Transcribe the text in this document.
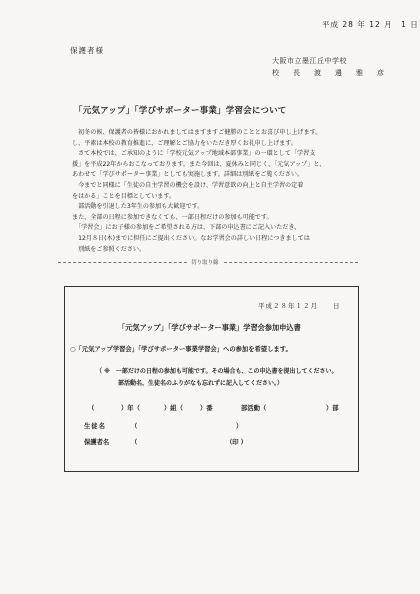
平成 28 年 12 月　1 日
保護者様
大阪市立墨江丘中学校
校　長　渡　邊　雅　彦
「元気アップ」「学びサポーター事業」学習会について

　初冬の候、保護者の皆様におかれましてはますますご健勝のこととお喜び申し上げます。

し、平素は本校の教育推進に、ご理解とご協力をいただき厚くお礼申し上げます。

　さて本校では、ご承知のように「学校元気アップ地域本部事業」の一環として「学習支

援」を平成22年からおこなっております。また今回は、夏休みと同じく、「元気アップ」と、

あわせて「学びサポーター事業」としても実施します。詳細は別紙をご覧ください。

　今までと同様に「生徒の自主学習の機会を設け、学習意欲の向上と自主学習の定着

をはかる」ことを目標としています。

　部活動を引退した3年生の参加も大歓迎です。

また、全部の日程に参加できなくても、一部日程だけの参加も可能です。

　「学習会」にお子様の参加をご希望される方は、下部の申込書にご記入いただき、

　12月８日(木)までに担任にご提出ください。なお学習会の詳しい日程につきましては

　別紙をご参照ください。

切り取り線
平成２８年１２月　　日
「元気アップ」「学びサポーター事業」学習会参加申込書
○「元気アップ学習会」「学びサポーター事業学習会」への参加を希望します。
（ ※　一部だけの日程の参加も可能です。その場合も、この申込書を提出してください。
部活動名、生徒名のふりがなも忘れずに記入してください。）
（	）年（	）組（	）番	部活動（	）部
生徒名	（	）
保護者名	（	（印 ）
